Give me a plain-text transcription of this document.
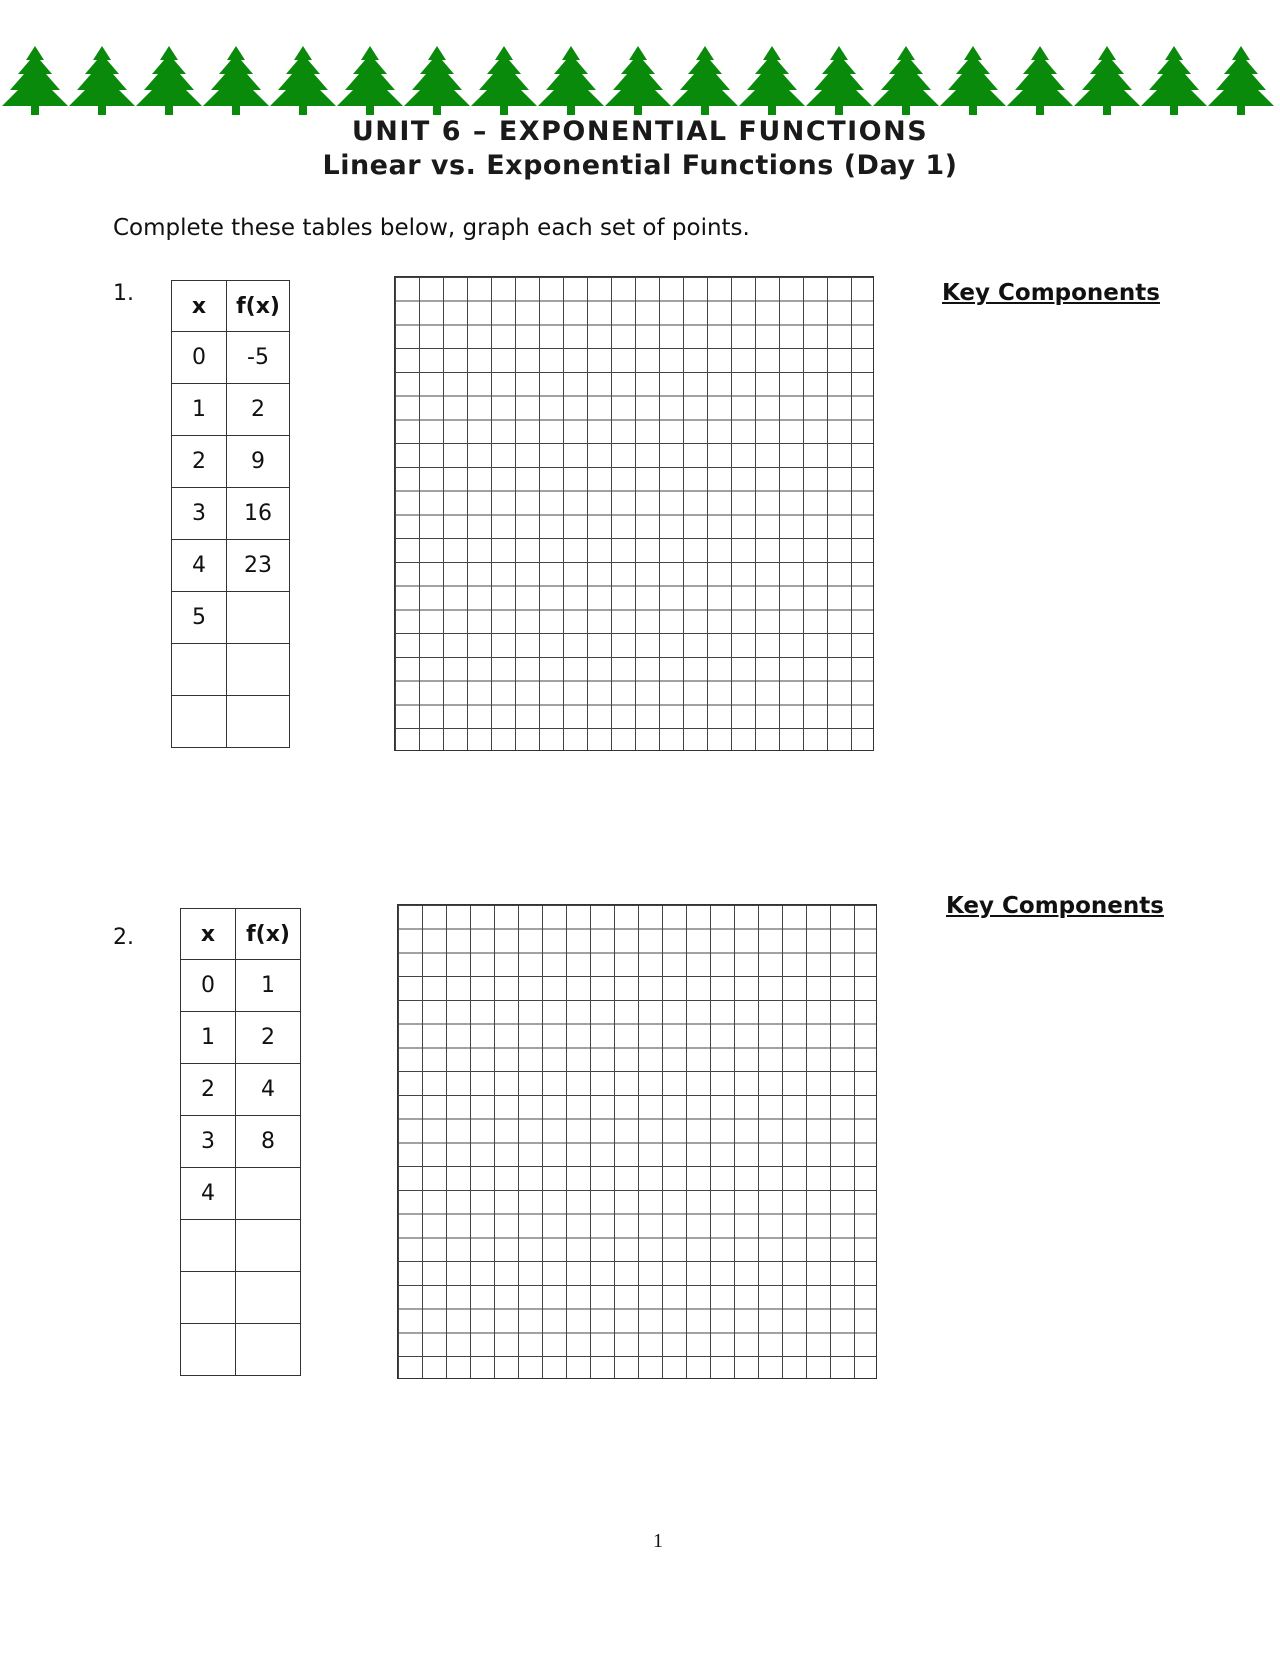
UNIT 6 – EXPONENTIAL FUNCTIONS
Linear vs. Exponential Functions (Day 1)
Complete these tables below, graph each set of points.
1.	x	f(x)
0	-5
1	2
2	9
3	16
4	23
5	

Key Components
2.	x	f(x)
0	1
1	2
2	4
3	8
4	

Key Components
1
